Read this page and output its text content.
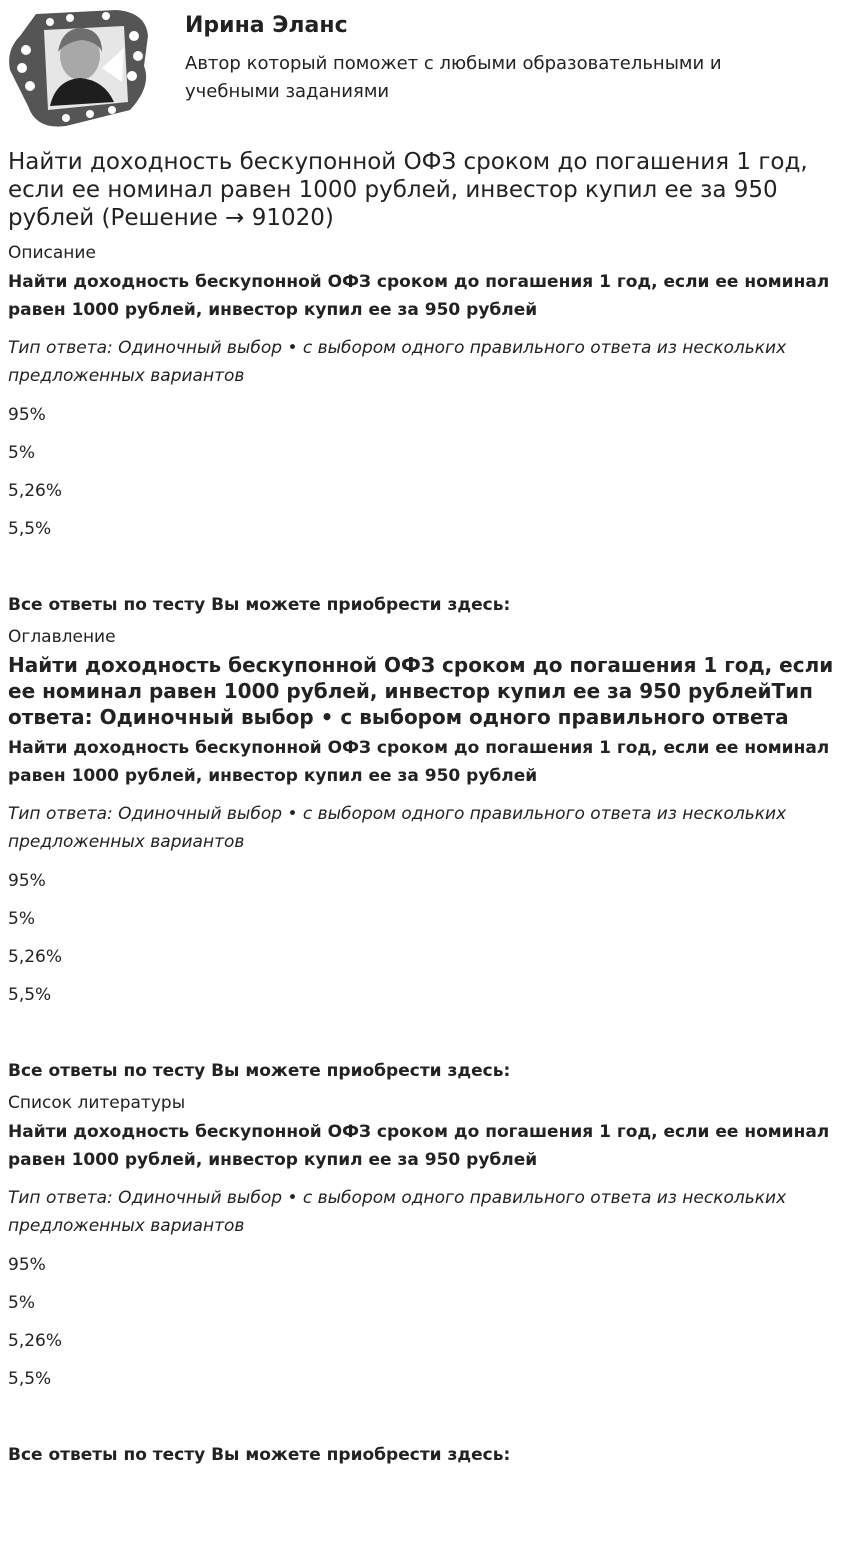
Ирина Эланс
Автор который поможет с любыми образовательными и учебными заданиями
Найти доходность бескупонной ОФЗ сроком до погашения 1 год, если ее номинал равен 1000 рублей, инвестор купил ее за 950 рублей (Решение → 91020)
Описание
Найти доходность бескупонной ОФЗ сроком до погашения 1 год, если ее номинал равен 1000 рублей, инвестор купил ее за 950 рублей
Тип ответа: Одиночный выбор • с выбором одного правильного ответа из нескольких предложенных вариантов
95%
5%
5,26%
5,5%
Все ответы по тесту Вы можете приобрести здесь:
Оглавление
Найти доходность бескупонной ОФЗ сроком до погашения 1 год, если ее номинал равен 1000 рублей, инвестор купил ее за 950 рублейТип ответа: Одиночный выбор • с выбором одного правильного ответа
Найти доходность бескупонной ОФЗ сроком до погашения 1 год, если ее номинал равен 1000 рублей, инвестор купил ее за 950 рублей
Тип ответа: Одиночный выбор • с выбором одного правильного ответа из нескольких предложенных вариантов
95%
5%
5,26%
5,5%
Все ответы по тесту Вы можете приобрести здесь:
Список литературы
Найти доходность бескупонной ОФЗ сроком до погашения 1 год, если ее номинал равен 1000 рублей, инвестор купил ее за 950 рублей
Тип ответа: Одиночный выбор • с выбором одного правильного ответа из нескольких предложенных вариантов
95%
5%
5,26%
5,5%
Все ответы по тесту Вы можете приобрести здесь:
